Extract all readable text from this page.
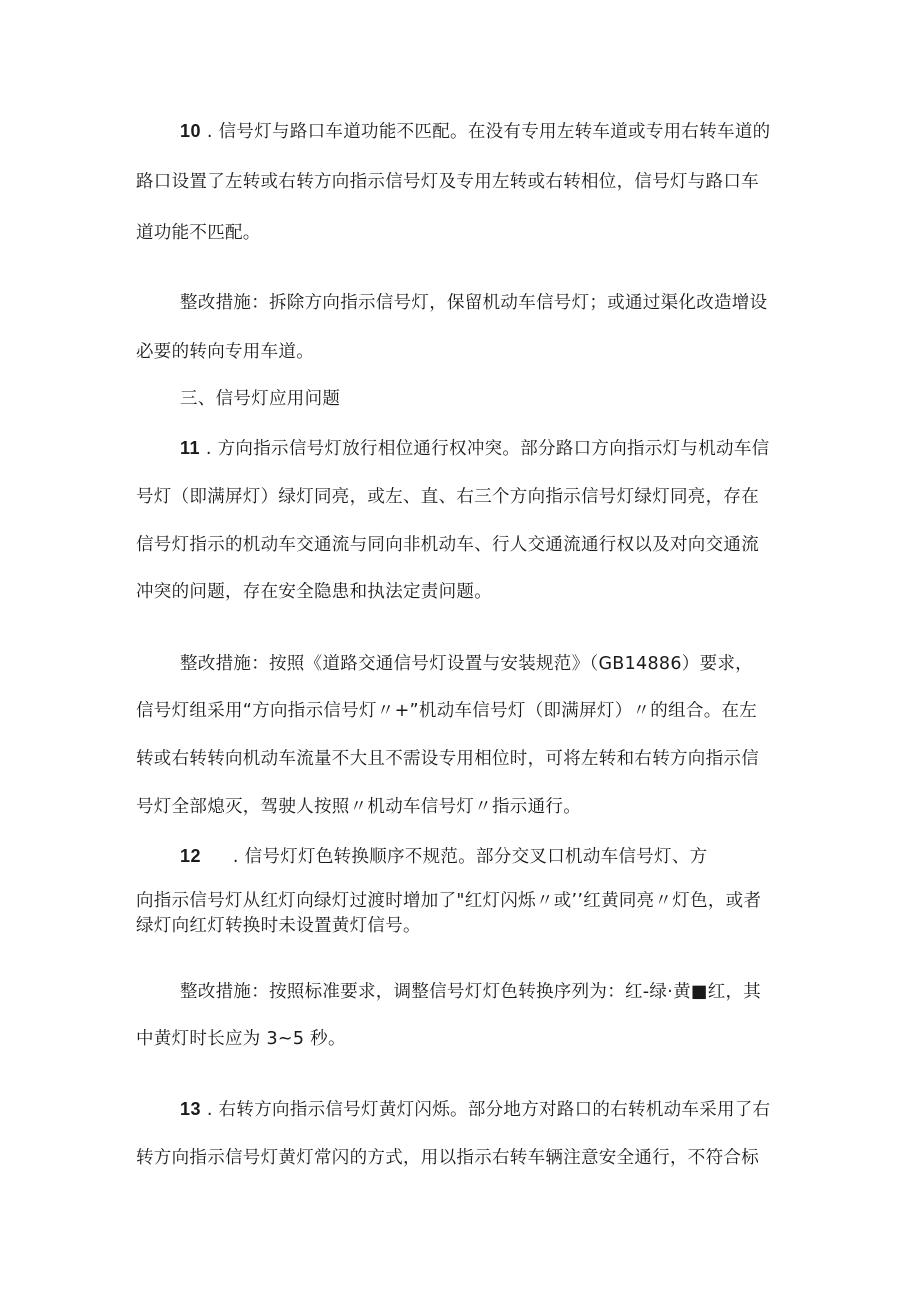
10 . 信号灯与路口车道功能不匹配。在没有专用左转车道或专用右转车道的
路口设置了左转或右转方向指示信号灯及专用左转或右转相位，信号灯与路口车
道功能不匹配。
整改措施：拆除方向指示信号灯，保留机动车信号灯；或通过渠化改造增设
必要的转向专用车道。
三、信号灯应用问题
11 . 方向指示信号灯放行相位通行权冲突。部分路口方向指示灯与机动车信
号灯（即满屏灯）绿灯同亮，或左、直、右三个方向指示信号灯绿灯同亮，存在
信号灯指示的机动车交通流与同向非机动车、行人交通流通行权以及对向交通流
冲突的问题，存在安全隐患和执法定责问题。
整改措施：按照《道路交通信号灯设置与安装规范》（GB14886）要求，
信号灯组采用“方向指示信号灯〃+”机动车信号灯（即满屏灯）〃的组合。在左
转或右转转向机动车流量不大且不需设专用相位时，可将左转和右转方向指示信
号灯全部熄灭，驾驶人按照〃机动车信号灯〃指示通行。
12 . 信号灯灯色转换顺序不规范。部分交叉口机动车信号灯、方
向指示信号灯从红灯向绿灯过渡时增加了"红灯闪烁〃或’’红黄同亮〃灯色，或者
绿灯向红灯转换时未设置黄灯信号。
整改措施：按照标准要求，调整信号灯灯色转换序列为：红-绿·黄■红，其
中黄灯时长应为 3~5 秒。
13 . 右转方向指示信号灯黄灯闪烁。部分地方对路口的右转机动车采用了右
转方向指示信号灯黄灯常闪的方式，用以指示右转车辆注意安全通行，不符合标
